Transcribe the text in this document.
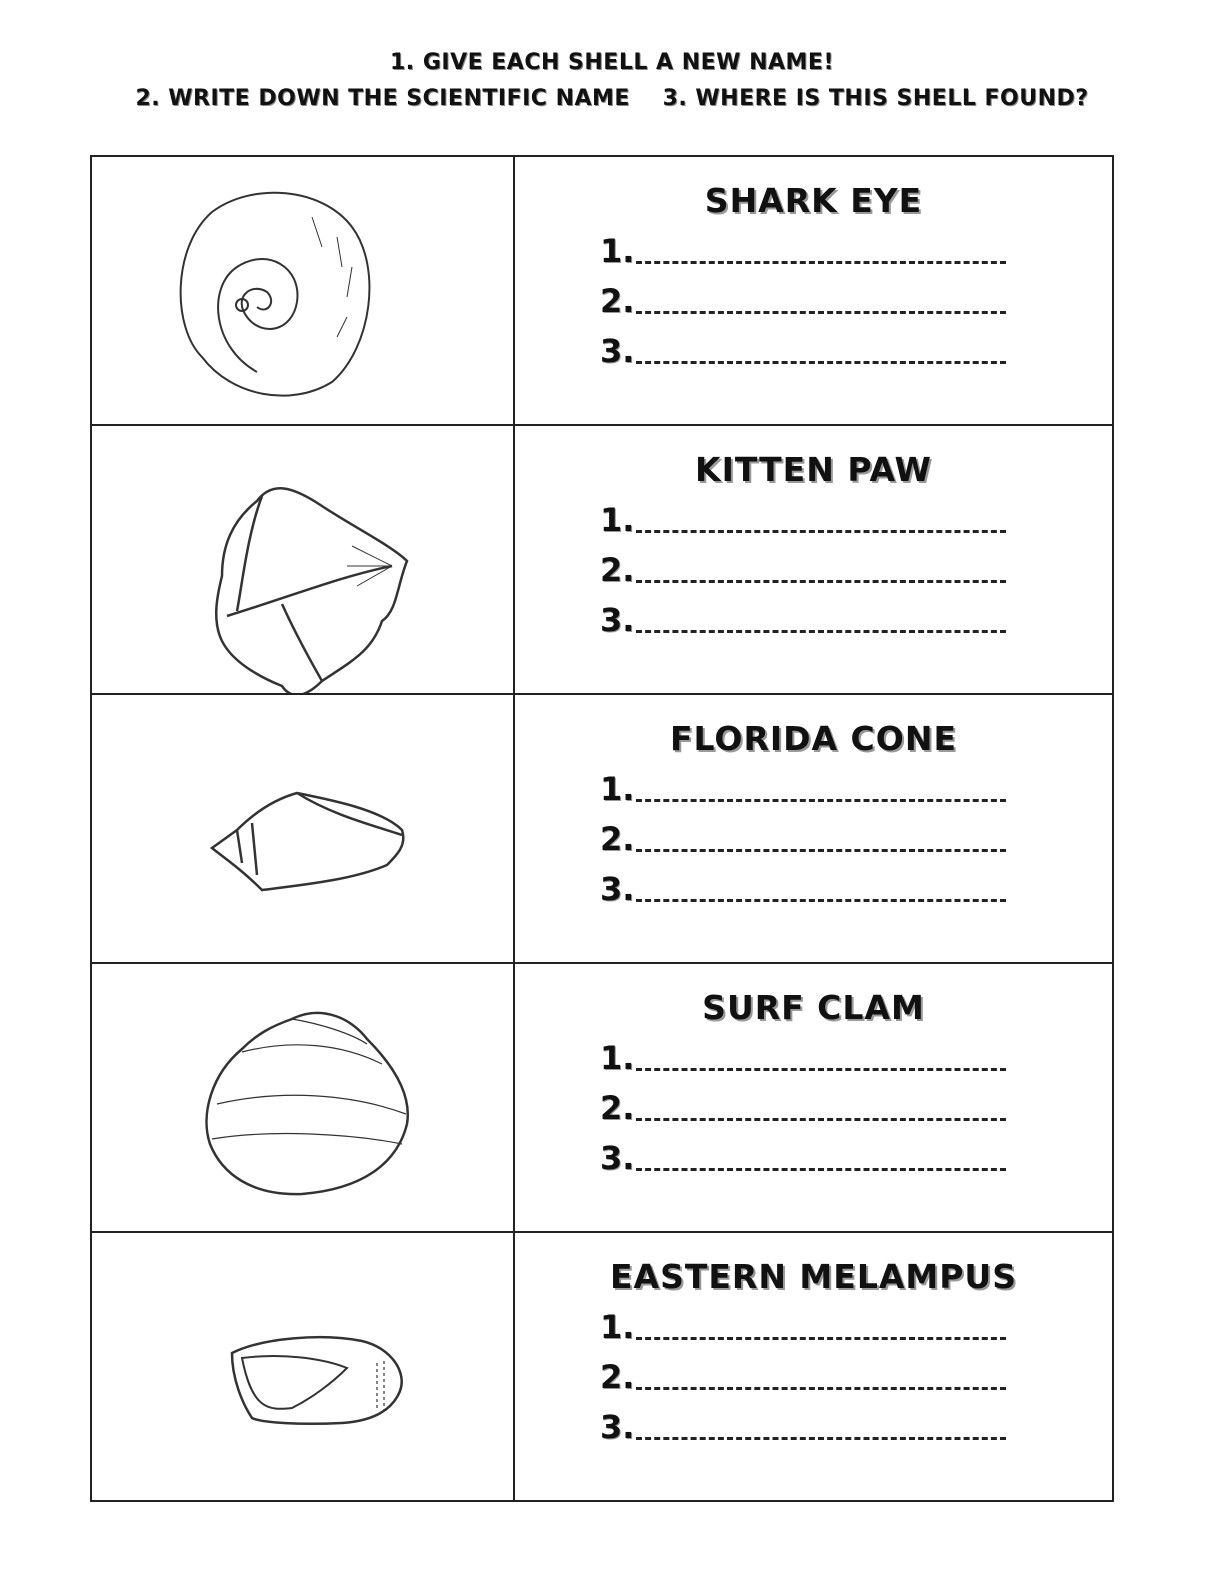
1. GIVE EACH SHELL A NEW NAME!
2. WRITE DOWN THE SCIENTIFIC NAME    3. WHERE IS THIS SHELL FOUND?

SHARK EYE
1.
2.
3.

KITTEN PAW
1.
2.
3.

FLORIDA CONE
1.
2.
3.

SURF CLAM
1.
2.
3.

EASTERN MELAMPUS
1.
2.
3.
